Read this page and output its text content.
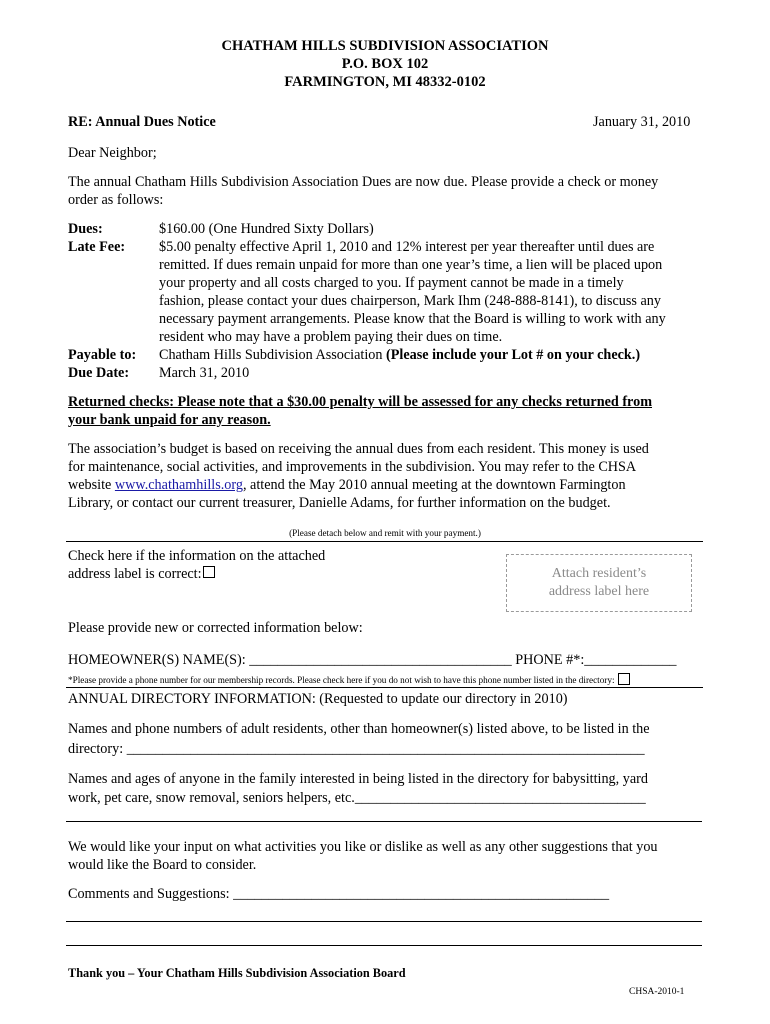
CHATHAM HILLS SUBDIVISION ASSOCIATION
P.O. BOX 102
FARMINGTON, MI 48332-0102
RE: Annual Dues Notice	January 31, 2010
Dear Neighbor;
The annual Chatham Hills Subdivision Association Dues are now due. Please provide a check or money
order as follows:
Dues:	$160.00 (One Hundred Sixty Dollars)
Late Fee: $5.00 penalty effective April 1, 2010 and 12% interest per year thereafter until dues are
remitted. If dues remain unpaid for more than one year’s time, a lien will be placed upon
your property and all costs charged to you. If payment cannot be made in a timely
fashion, please contact your dues chairperson, Mark Ihm (248-888-8141), to discuss any
necessary payment arrangements. Please know that the Board is willing to work with any
resident who may have a problem paying their dues on time.
Payable to: Chatham Hills Subdivision Association (Please include your Lot # on your check.)
Due Date: March 31, 2010
Returned checks: Please note that a $30.00 penalty will be assessed for any checks returned from
your bank unpaid for any reason.
The association’s budget is based on receiving the annual dues from each resident. This money is used
for maintenance, social activities, and improvements in the subdivision. You may refer to the CHSA
website www.chathamhills.org, attend the May 2010 annual meeting at the downtown Farmington
Library, or contact our current treasurer, Danielle Adams, for further information on the budget.
(Please detach below and remit with your payment.)
Check here if the information on the attached
address label is correct:	Attach resident’s
address label here
Please provide new or corrected information below:
HOMEOWNER(S) NAME(S): _____________________________________ PHONE #*:_____________
*Please provide a phone number for our membership records. Please check here if you do not wish to have this phone number listed in the directory:
ANNUAL DIRECTORY INFORMATION: (Requested to update our directory in 2010)
Names and phone numbers of adult residents, other than homeowner(s) listed above, to be listed in the
directory: _________________________________________________________________________
Names and ages of anyone in the family interested in being listed in the directory for babysitting, yard
work, pet care, snow removal, seniors helpers, etc._________________________________________
We would like your input on what activities you like or dislike as well as any other suggestions that you
would like the Board to consider.
Comments and Suggestions: _____________________________________________________
Thank you – Your Chatham Hills Subdivision Association Board
CHSA-2010-1
